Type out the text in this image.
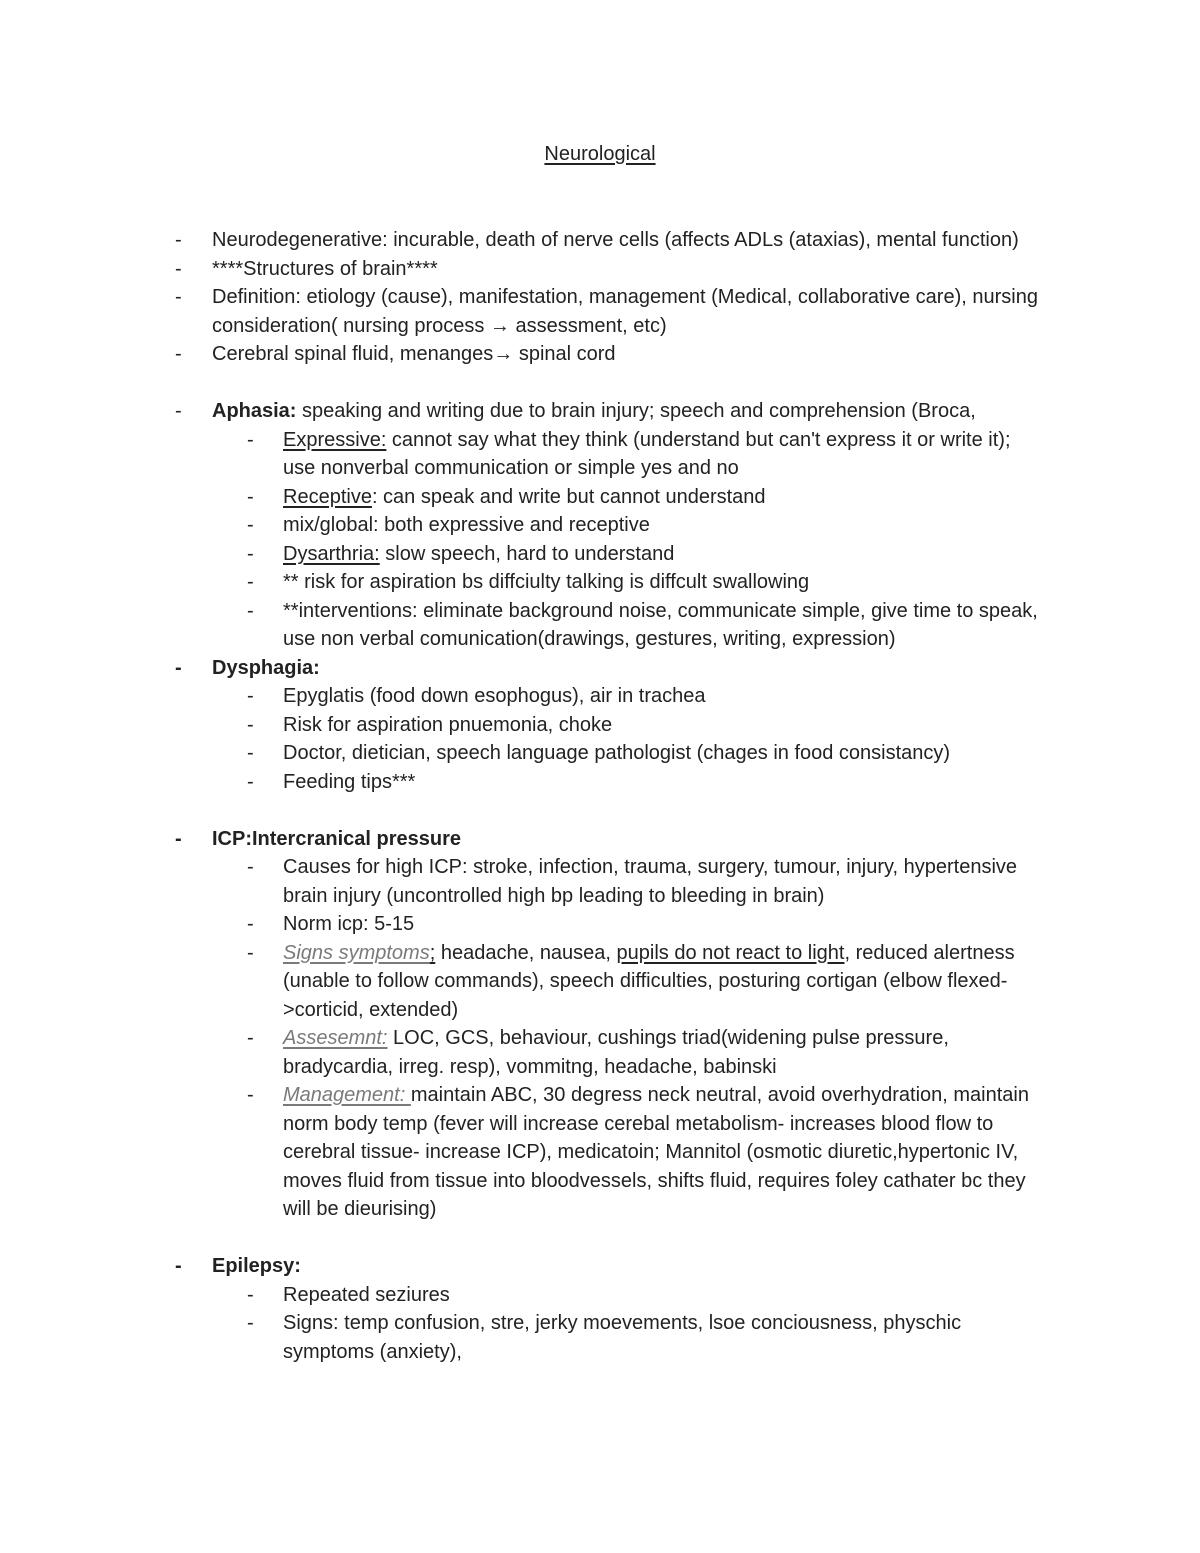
Neurological
- Neurodegenerative: incurable, death of nerve cells (affects ADLs (ataxias), mental function)
- ****Structures of brain****
- Definition: etiology (cause), manifestation, management (Medical, collaborative care), nursing consideration( nursing process → assessment, etc)
- Cerebral spinal fluid, menanges→ spinal cord
- Aphasia: speaking and writing due to brain injury; speech and comprehension (Broca,
- Expressive: cannot say what they think (understand but can't express it or write it); use nonverbal communication or simple yes and no
- Receptive: can speak and write but cannot understand
- mix/global: both expressive and receptive
- Dysarthria: slow speech, hard to understand
- ** risk for aspiration bs diffciulty talking is diffcult swallowing
- **interventions: eliminate background noise, communicate simple, give time to speak, use non verbal comunication(drawings, gestures, writing, expression)
- Dysphagia:
- Epyglatis (food down esophogus), air in trachea
- Risk for aspiration pnuemonia, choke
- Doctor, dietician, speech language pathologist (chages in food consistancy)
- Feeding tips***
- ICP:Intercranical pressure
- Causes for high ICP: stroke, infection, trauma, surgery, tumour, injury, hypertensive brain injury (uncontrolled high bp leading to bleeding in brain)
- Norm icp: 5-15
- Signs symptoms; headache, nausea, pupils do not react to light, reduced alertness (unable to follow commands), speech difficulties, posturing cortigan (elbow flexed->corticid, extended)
- Assesemnt: LOC, GCS, behaviour, cushings triad(widening pulse pressure, bradycardia, irreg. resp), vommitng, headache, babinski
- Management: maintain ABC, 30 degress neck neutral, avoid overhydration, maintain norm body temp (fever will increase cerebal metabolism- increases blood flow to cerebral tissue- increase ICP), medicatoin; Mannitol (osmotic diuretic,hypertonic IV, moves fluid from tissue into bloodvessels, shifts fluid, requires foley cathater bc they will be dieurising)
- Epilepsy:
- Repeated seziures
- Signs: temp confusion, stre, jerky moevements, lsoe conciousness, physchic symptoms (anxiety),
